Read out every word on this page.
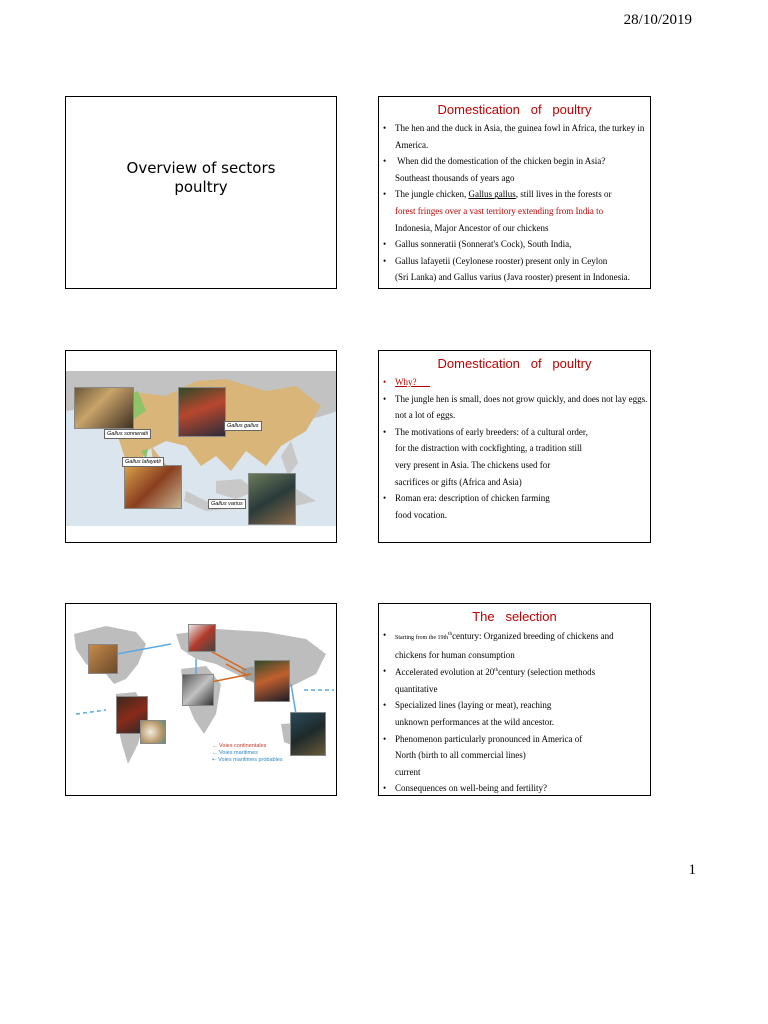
28/10/2019
Overview of sectors
poultry
Domestication   of   poultry
• The hen and the duck in Asia, the guinea fowl in Africa, the turkey in
America.
•  When did the domestication of the chicken begin in Asia?
Southeast thousands of years ago
• The jungle chicken, Gallus gallus, still lives in the forests or
forest fringes over a vast territory extending from India to
Indonesia, Major Ancestor of our chickens
• Gallus sonneratii (Sonnerat's Cock), South India,
• Gallus lafayetii (Ceylonese rooster) present only in Ceylon
(Sri Lanka) and Gallus varius (Java rooster) present in Indonesia.
Gallus sonneratii
Gallus gallus
Gallus lafayetii
Gallus varius
Domestication   of   poultry
• Why?
• The jungle hen is small, does not grow quickly, and does not lay eggs.
not a lot of eggs.
• The motivations of early breeders: of a cultural order,
for the distraction with cockfighting, a tradition still
very present in Asia. The chickens used for
sacrifices or gifts (Africa and Asia)
• Roman era: description of chicken farming
food vocation.
← Voies continentales
← Voies maritimes
⇠ Voies maritimes probables
The   selection
• Starting from the $19th^{th}century$: Organized breeding of chickens and
chickens for human consumption
• Accelerated evolution at 20thcentury (selection methods
quantitative
• Specialized lines (laying or meat), reaching
unknown performances at the wild ancestor.
• Phenomenon particularly pronounced in America of
North (birth to all commercial lines)
current
• Consequences on well-being and fertility?
1
